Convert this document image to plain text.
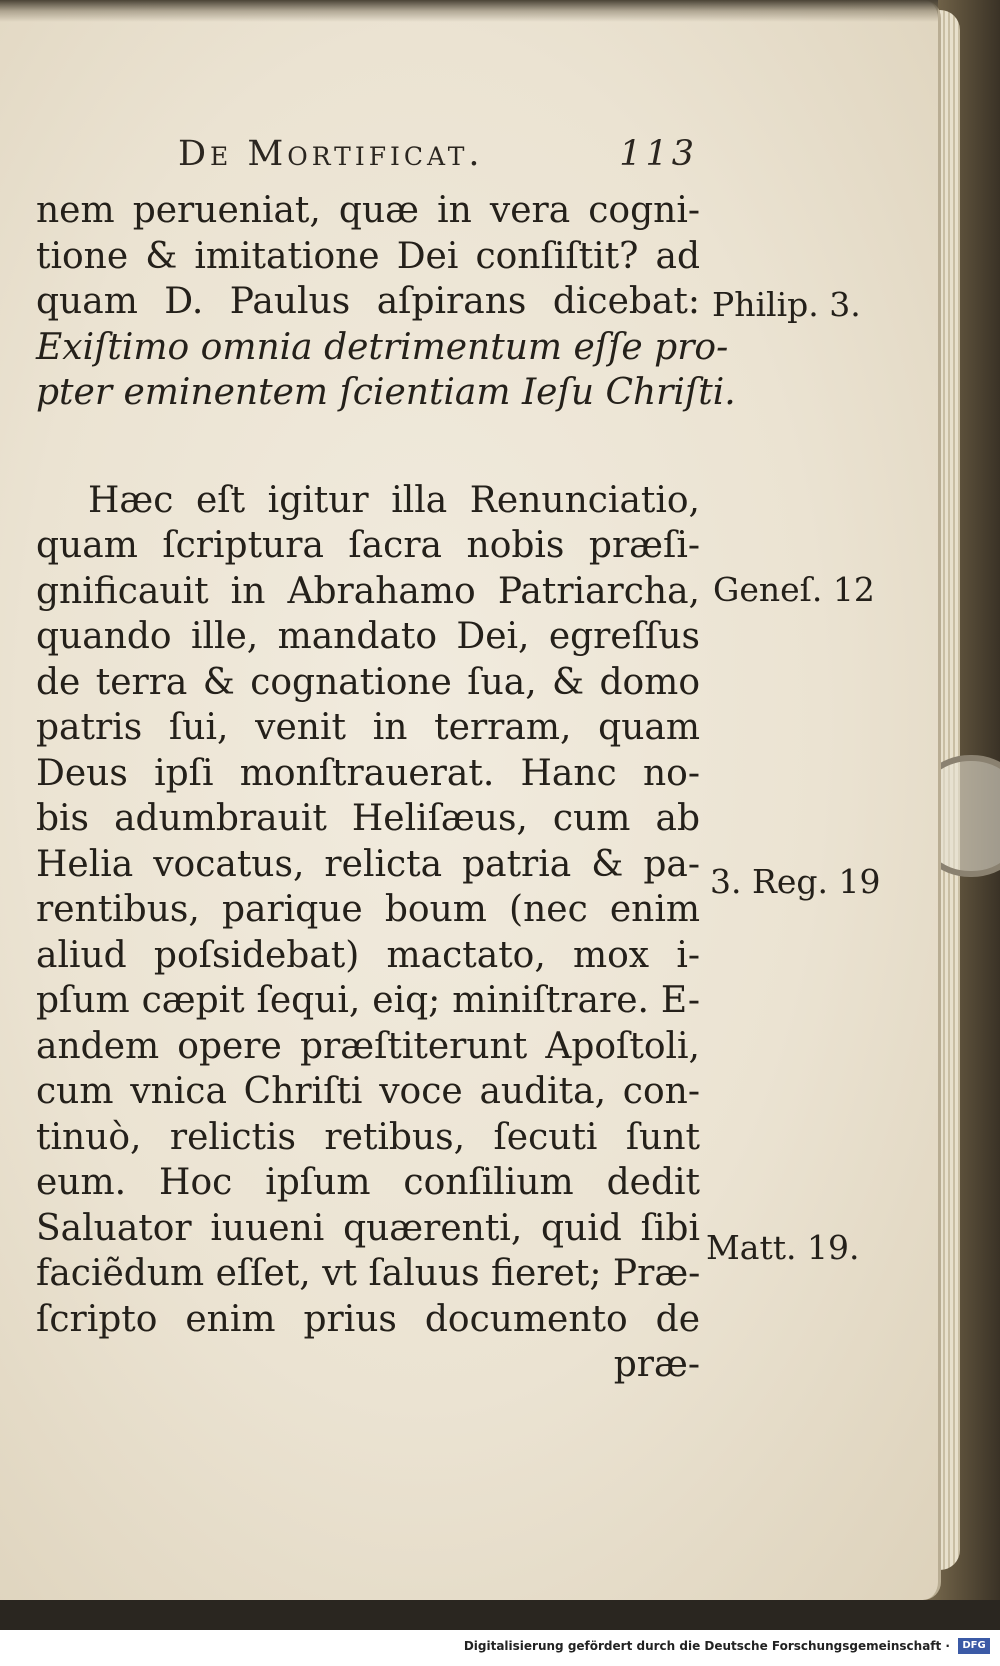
De Mortificat.	113
nem perueniat, quæ in vera cogni-
tione & imitatione Dei conſiſtit? ad
quam D. Paulus aſpirans dicebat:
Exiſtimo omnia detrimentum eſſe pro-
pter eminentem ſcientiam Ieſu Chriſti.
Hæc eſt igitur illa Renunciatio,
quam ſcriptura ſacra nobis præſi-
gnificauit in Abrahamo Patriarcha,
quando ille, mandato Dei, egreſſus
de terra & cognatione ſua, & domo
patris ſui, venit in terram, quam
Deus ipſi monſtrauerat. Hanc no-
bis adumbrauit Heliſæus, cum ab
Helia vocatus, relicta patria & pa-
rentibus, parique boum (nec enim
aliud poſsidebat) mactato, mox i-
pſum cæpit ſequi, eiq; miniſtrare. E-
andem opere præſtiterunt Apoſtoli,
cum vnica Chriſti voce audita, con-
tinuò, relictis retibus, ſecuti ſunt
eum. Hoc ipſum conſilium dedit
Saluator iuueni quærenti, quid ſibi
faciẽdum eſſet, vt ſaluus fieret; Præ-
ſcripto enim prius documento de
præ-
Philip. 3.
Geneſ. 12
3. Reg. 19
Matt. 19.
Digitalisierung gefördert durch die Deutsche Forschungsgemeinschaft ·	DFG
